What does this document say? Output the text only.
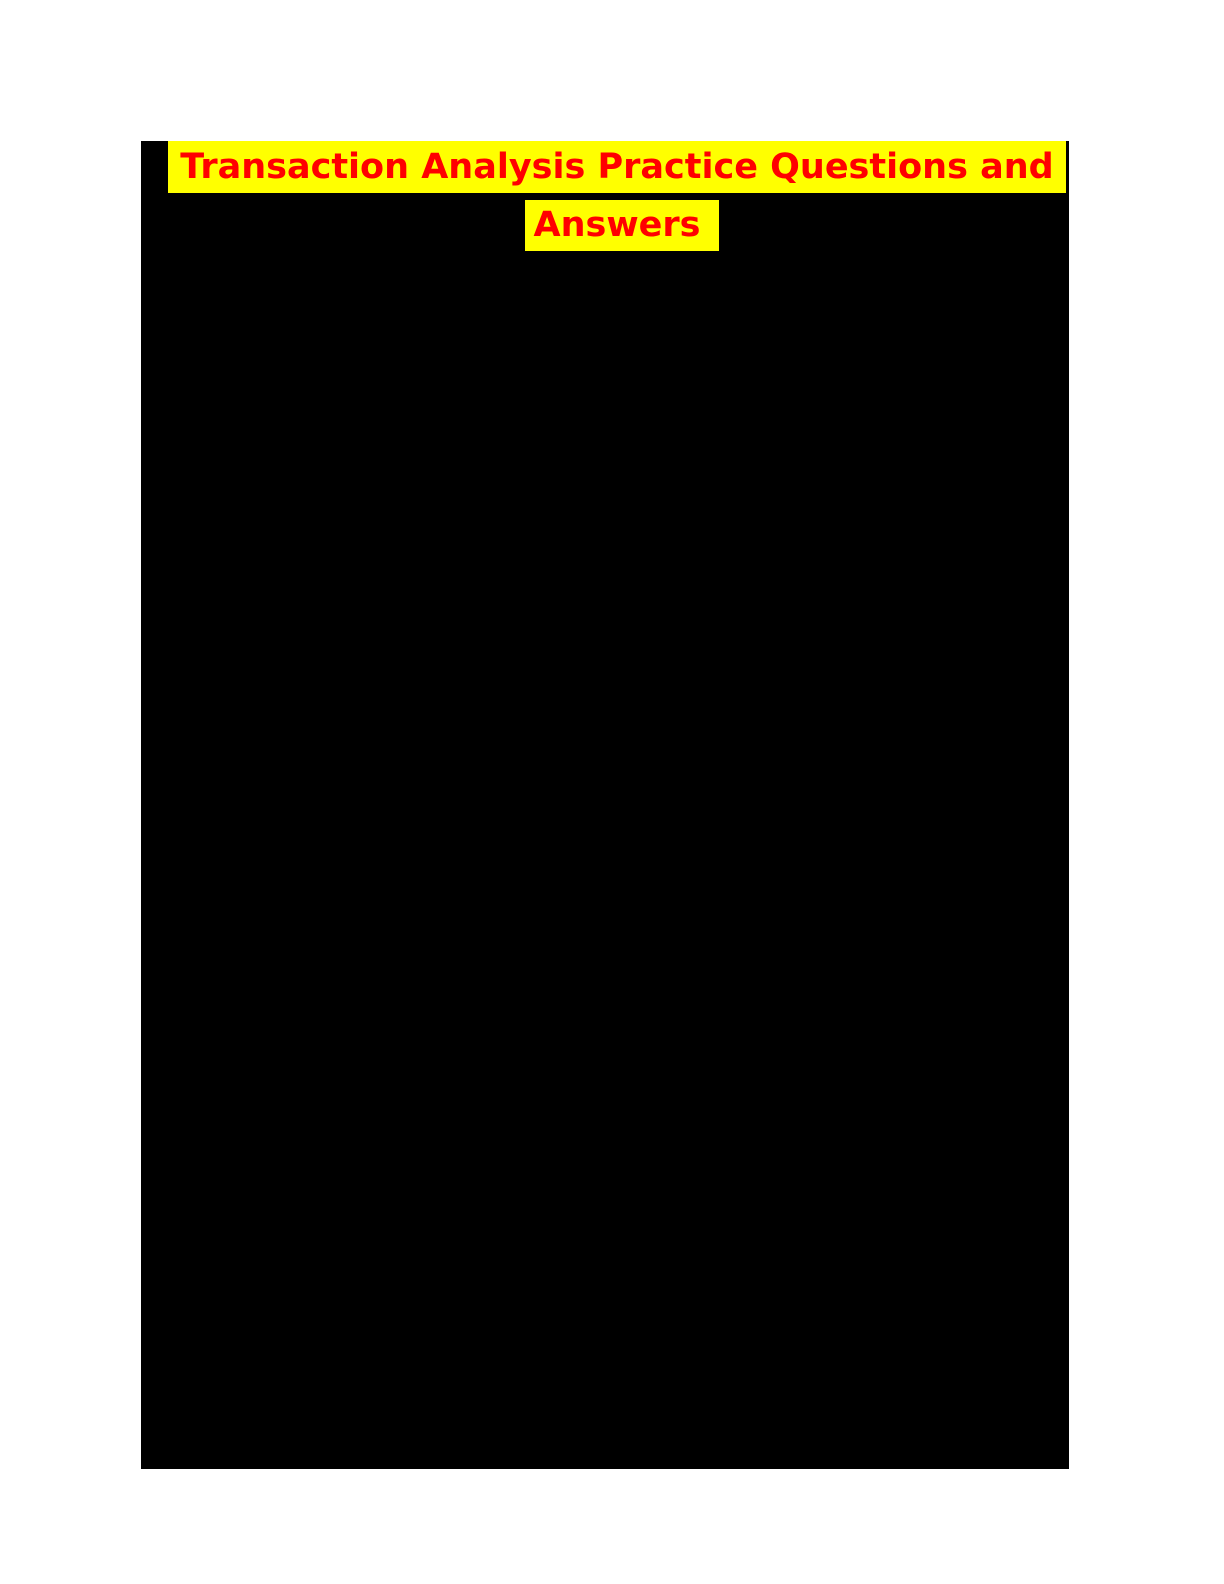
Transaction Analysis Practice Questions and
Answers
